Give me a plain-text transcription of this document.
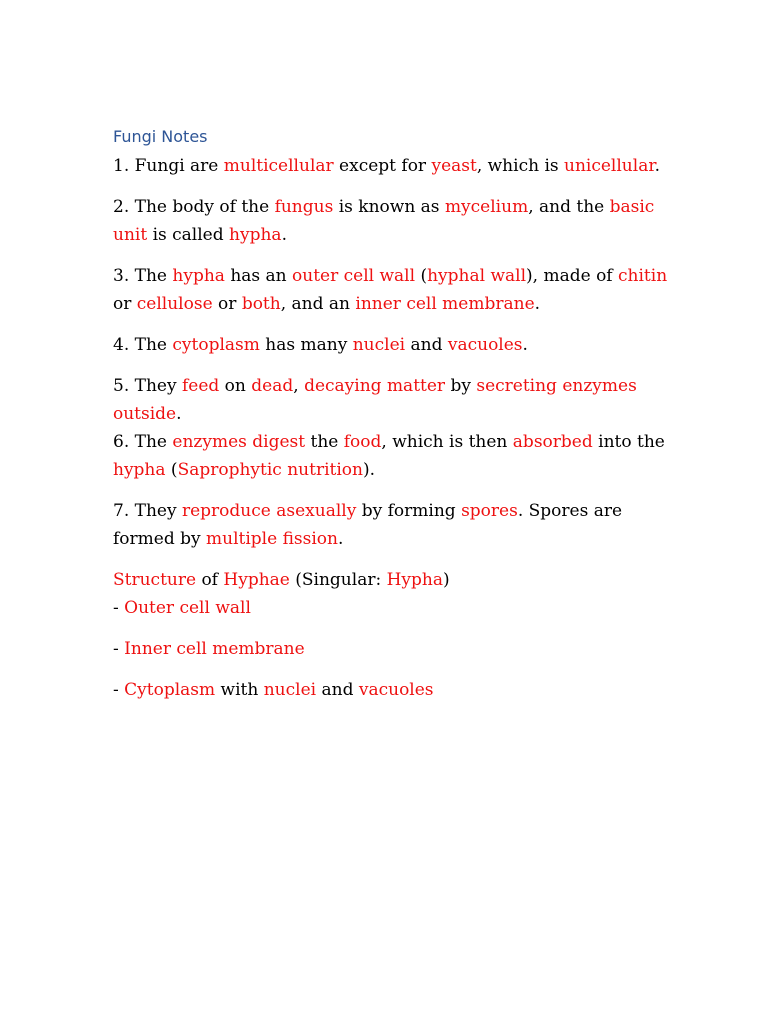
Fungi Notes

1. Fungi are multicellular except for yeast, which is unicellular.

2. The body of the fungus is known as mycelium, and the basic unit is called hypha.

3. The hypha has an outer cell wall (hyphal wall), made of chitin or cellulose or both, and an inner cell membrane.

4. The cytoplasm has many nuclei and vacuoles.

5. They feed on dead, decaying matter by secreting enzymes outside.

6. The enzymes digest the food, which is then absorbed into the hypha (Saprophytic nutrition).

7. They reproduce asexually by forming spores. Spores are formed by multiple fission.

Structure of Hyphae (Singular: Hypha)

- Outer cell wall

- Inner cell membrane

- Cytoplasm with nuclei and vacuoles
